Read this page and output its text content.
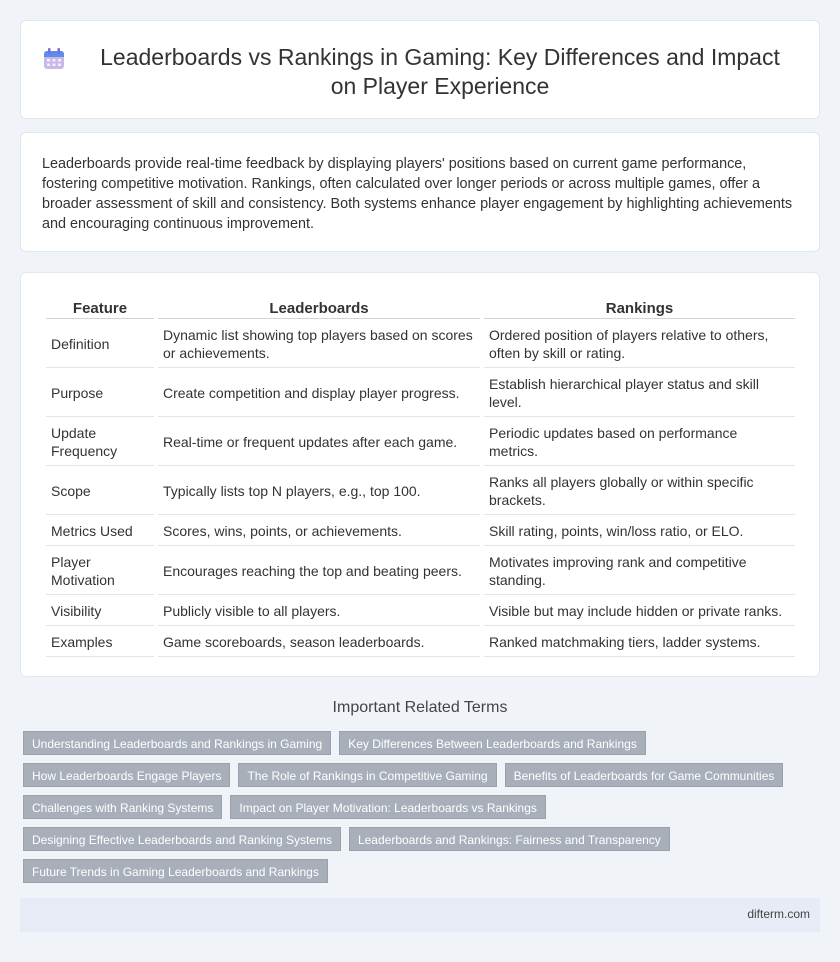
Leaderboards vs Rankings in Gaming: Key Differences and Impact on Player Experience

Leaderboards provide real-time feedback by displaying players' positions based on current game performance, fostering competitive motivation. Rankings, often calculated over longer periods or across multiple games, offer a broader assessment of skill and consistency. Both systems enhance player engagement by highlighting achievements and encouraging continuous improvement.

Feature	Leaderboards	Rankings
Definition	Dynamic list showing top players based on scores or achievements.	Ordered position of players relative to others, often by skill or rating.
Purpose	Create competition and display player progress.	Establish hierarchical player status and skill level.
Update Frequency	Real-time or frequent updates after each game.	Periodic updates based on performance metrics.
Scope	Typically lists top N players, e.g., top 100.	Ranks all players globally or within specific brackets.
Metrics Used	Scores, wins, points, or achievements.	Skill rating, points, win/loss ratio, or ELO.
Player Motivation	Encourages reaching the top and beating peers.	Motivates improving rank and competitive standing.
Visibility	Publicly visible to all players.	Visible but may include hidden or private ranks.
Examples	Game scoreboards, season leaderboards.	Ranked matchmaking tiers, ladder systems.
Important Related Terms
Understanding Leaderboards and Rankings in Gaming	Key Differences Between Leaderboards and Rankings
How Leaderboards Engage Players	The Role of Rankings in Competitive Gaming	Benefits of Leaderboards for Game Communities
Challenges with Ranking Systems	Impact on Player Motivation: Leaderboards vs Rankings
Designing Effective Leaderboards and Ranking Systems	Leaderboards and Rankings: Fairness and Transparency
Future Trends in Gaming Leaderboards and Rankings
difterm.com
